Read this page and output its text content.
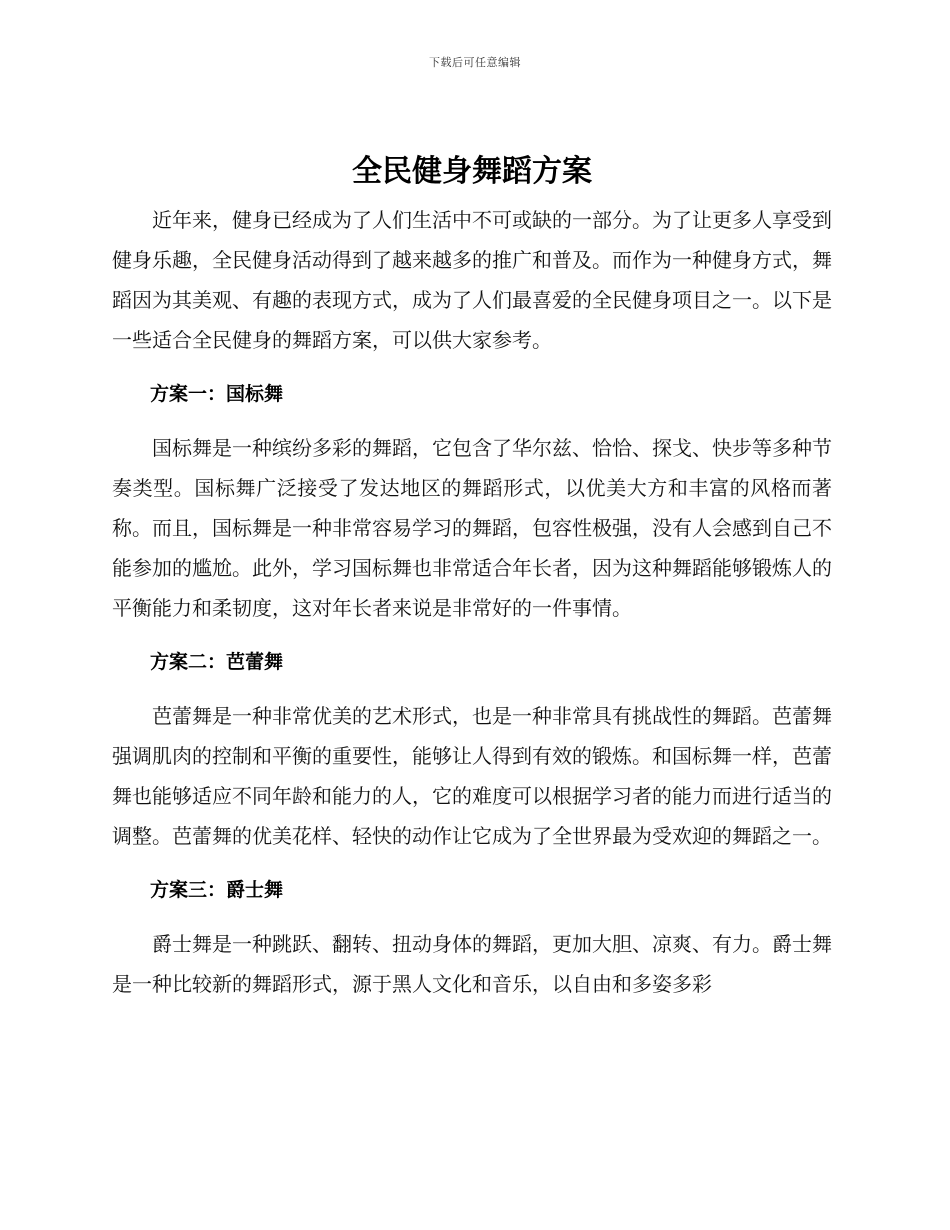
下载后可任意编辑
全民健身舞蹈方案

近年来，健身已经成为了人们生活中不可或缺的一部分。为了让更多人享受到健身乐趣，全民健身活动得到了越来越多的推广和普及。而作为一种健身方式，舞蹈因为其美观、有趣的表现方式，成为了人们最喜爱的全民健身项目之一。以下是一些适合全民健身的舞蹈方案，可以供大家参考。

方案一：国标舞

国标舞是一种缤纷多彩的舞蹈，它包含了华尔兹、恰恰、探戈、快步等多种节奏类型。国标舞广泛接受了发达地区的舞蹈形式，以优美大方和丰富的风格而著称。而且，国标舞是一种非常容易学习的舞蹈，包容性极强，没有人会感到自己不能参加的尴尬。此外，学习国标舞也非常适合年长者，因为这种舞蹈能够锻炼人的平衡能力和柔韧度，这对年长者来说是非常好的一件事情。

方案二：芭蕾舞

芭蕾舞是一种非常优美的艺术形式，也是一种非常具有挑战性的舞蹈。芭蕾舞强调肌肉的控制和平衡的重要性，能够让人得到有效的锻炼。和国标舞一样，芭蕾舞也能够适应不同年龄和能力的人，它的难度可以根据学习者的能力而进行适当的调整。芭蕾舞的优美花样、轻快的动作让它成为了全世界最为受欢迎的舞蹈之一。

方案三：爵士舞

爵士舞是一种跳跃、翻转、扭动身体的舞蹈，更加大胆、凉爽、有力。爵士舞是一种比较新的舞蹈形式，源于黑人文化和音乐，以自由和多姿多彩
